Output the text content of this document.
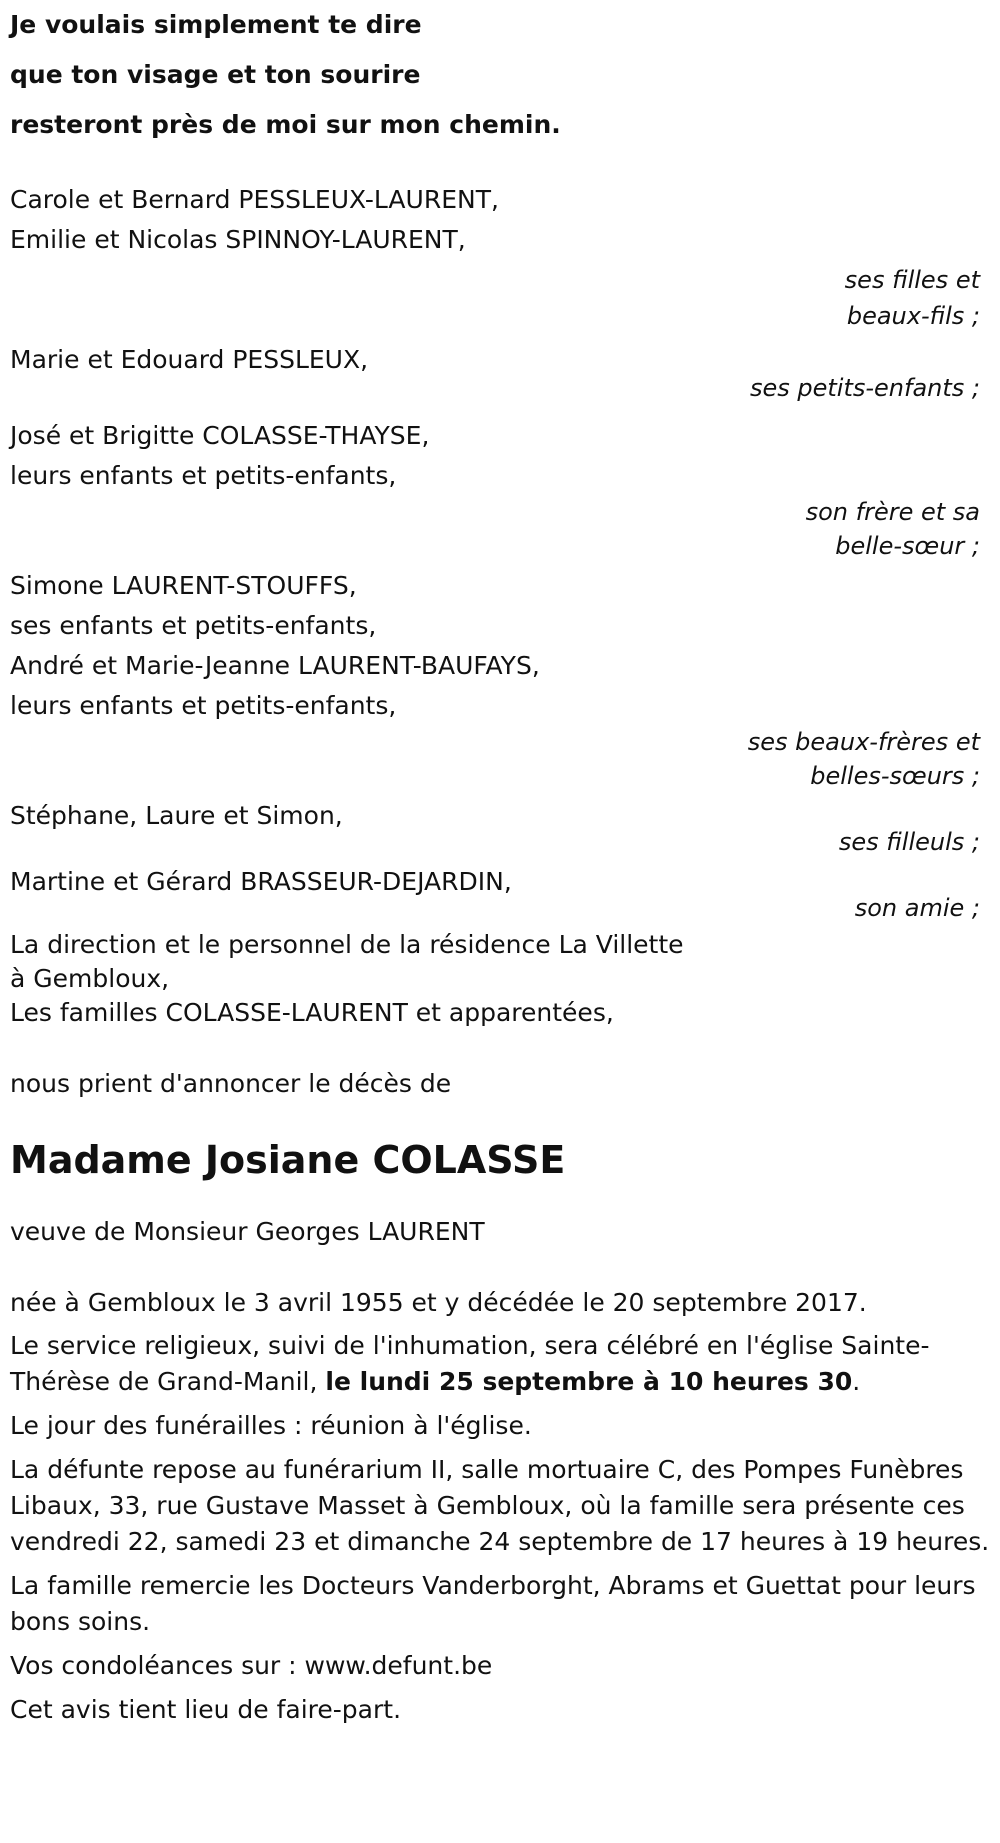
Je voulais simplement te dire
que ton visage et ton sourire
resteront près de moi sur mon chemin.
Carole et Bernard PESSLEUX-LAURENT,
Emilie et Nicolas SPINNOY-LAURENT,
ses filles et
beaux-fils ;
Marie et Edouard PESSLEUX,
ses petits-enfants ;
José et Brigitte COLASSE-THAYSE,
leurs enfants et petits-enfants,
son frère et sa
belle-sœur ;
Simone LAURENT-STOUFFS,
ses enfants et petits-enfants,
André et Marie-Jeanne LAURENT-BAUFAYS,
leurs enfants et petits-enfants,
ses beaux-frères et
belles-sœurs ;
Stéphane, Laure et Simon,
ses filleuls ;
Martine et Gérard BRASSEUR-DEJARDIN,
son amie ;
La direction et le personnel de la résidence La Villette
à Gembloux,
Les familles COLASSE-LAURENT et apparentées,
nous prient d'annoncer le décès de
Madame Josiane COLASSE
veuve de Monsieur Georges LAURENT
née à Gembloux le 3 avril 1955 et y décédée le 20 septembre 2017.
Le service religieux, suivi de l'inhumation, sera célébré en l'église Sainte-Thérèse de Grand-Manil, le lundi 25 septembre à 10 heures 30.
Le jour des funérailles : réunion à l'église.
La défunte repose au funérarium II, salle mortuaire C, des Pompes Funèbres Libaux, 33, rue Gustave Masset à Gembloux, où la famille sera présente ces vendredi 22, samedi 23 et dimanche 24 septembre de 17 heures à 19 heures.
La famille remercie les Docteurs Vanderborght, Abrams et Guettat pour leurs bons soins.
Vos condoléances sur : www.defunt.be
Cet avis tient lieu de faire-part.
